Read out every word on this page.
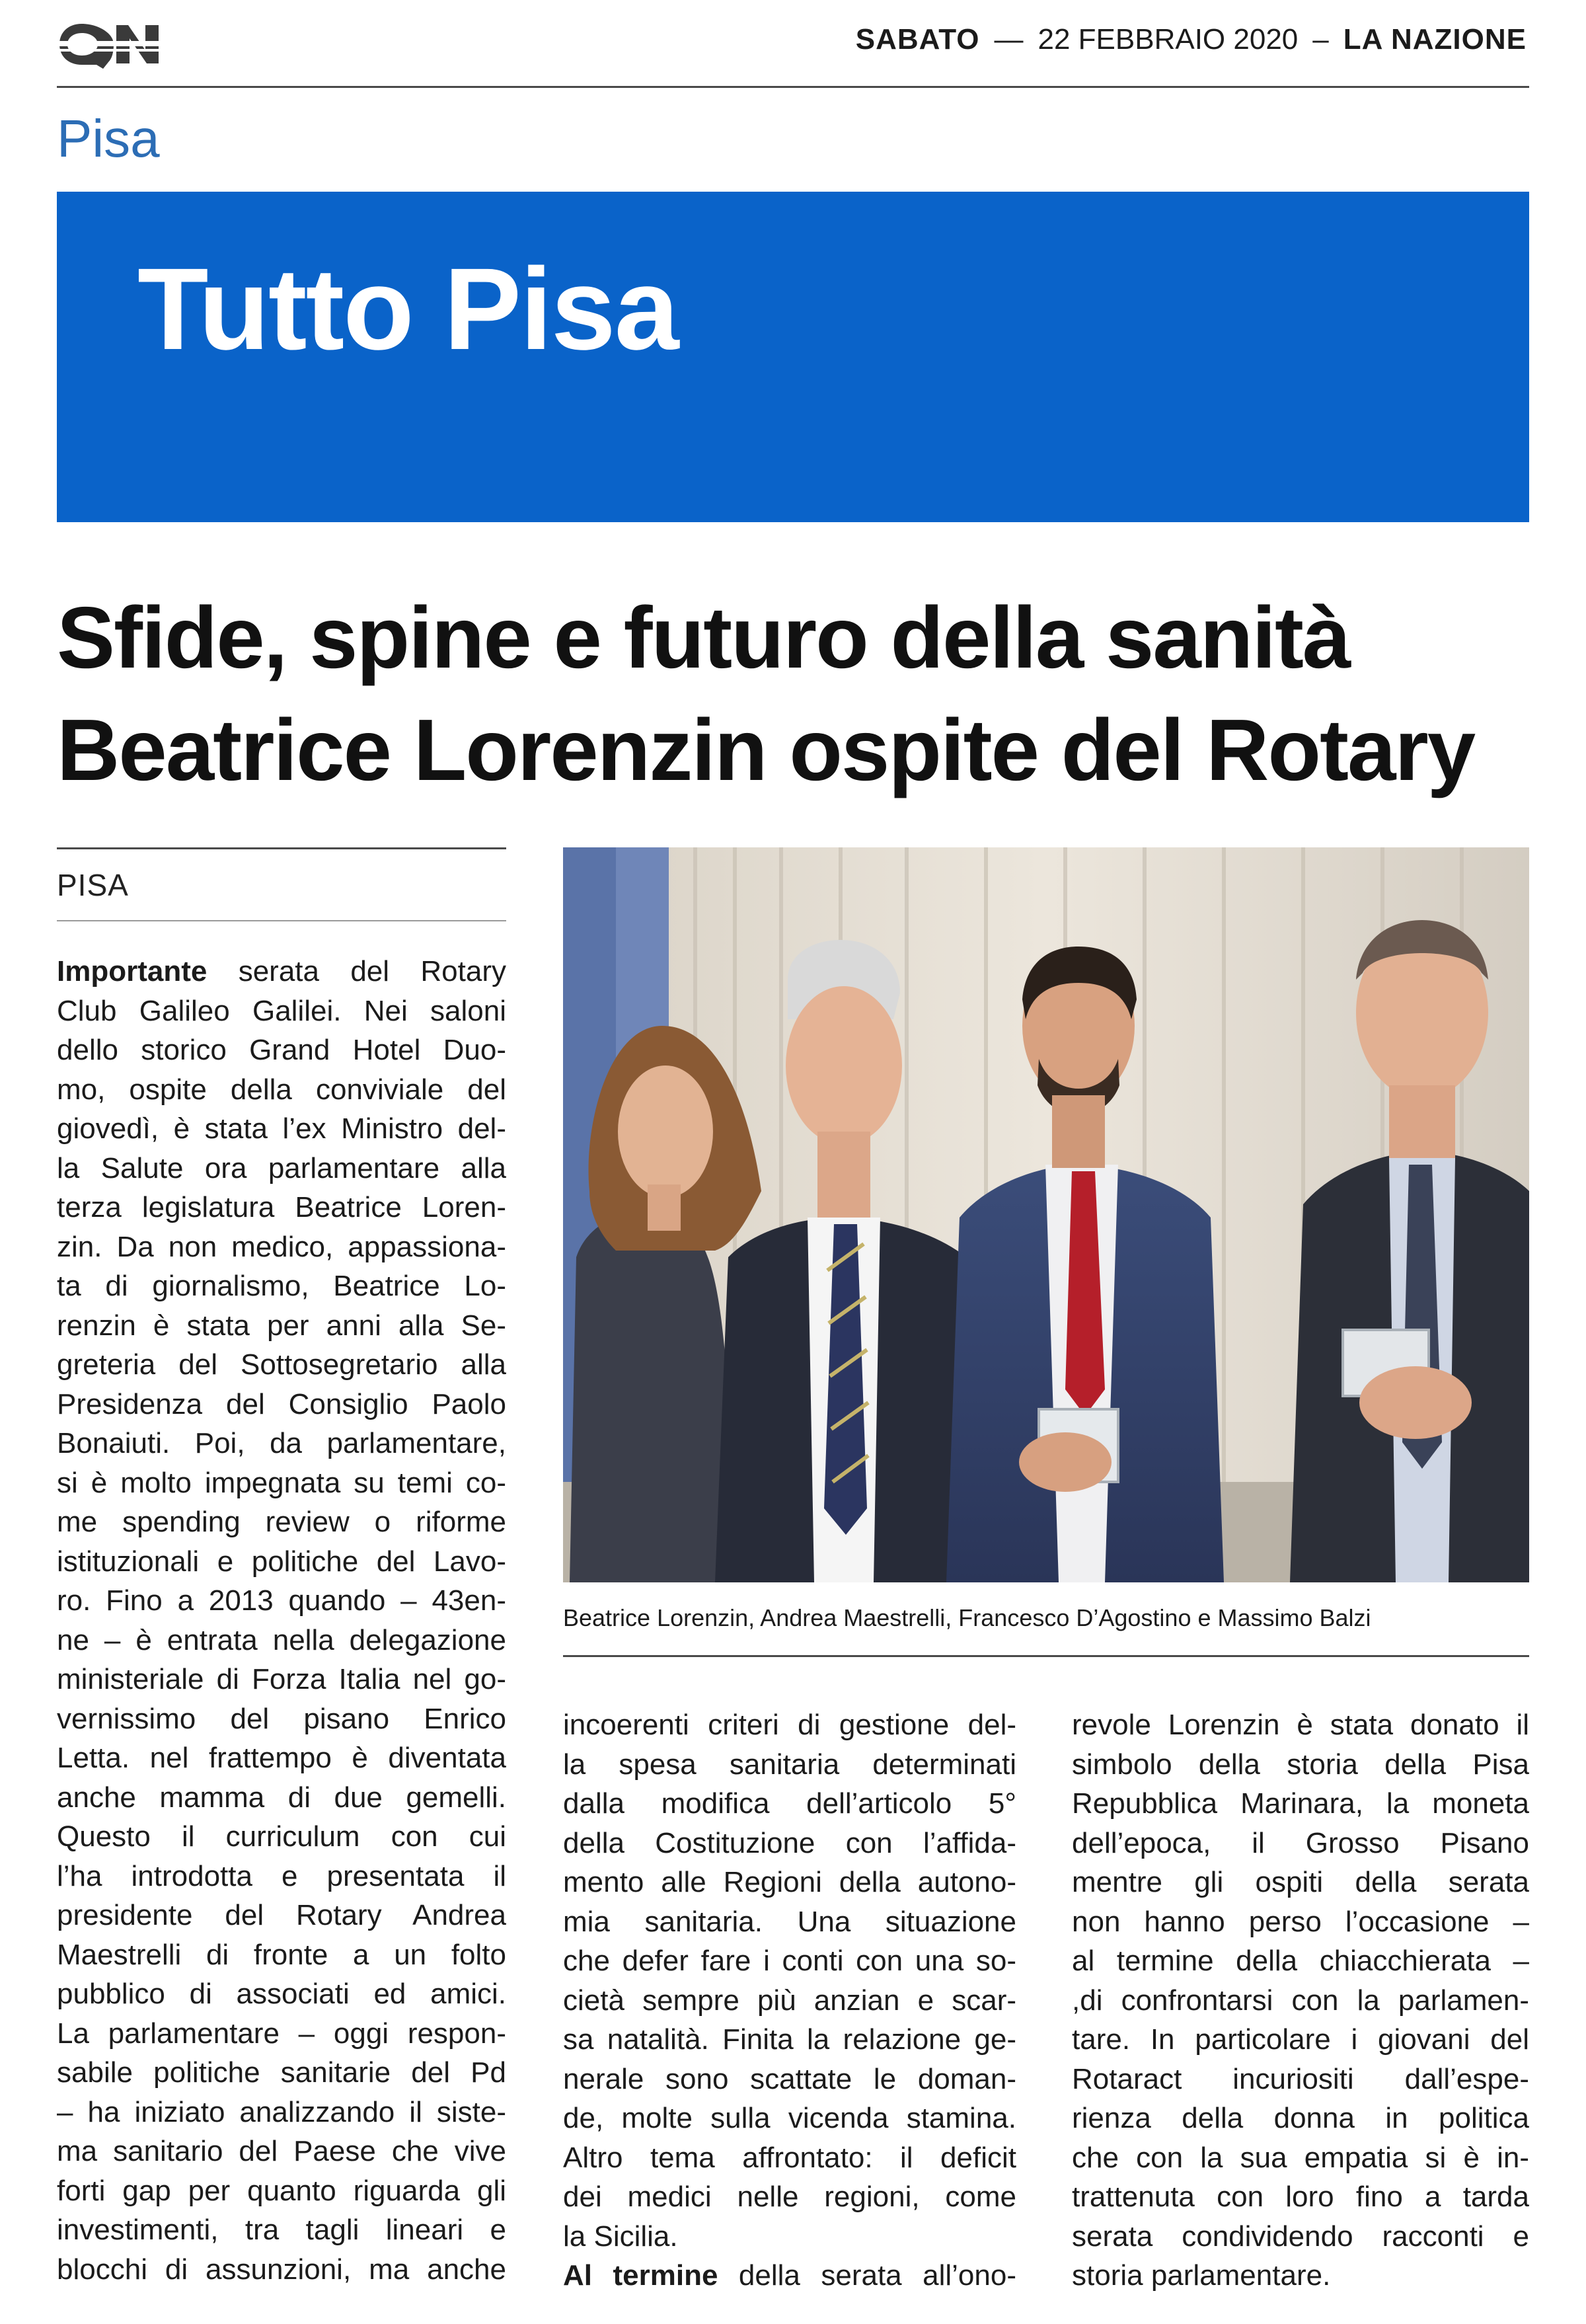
SABATO — 22 FEBBRAIO 2020 – LA NAZIONE
Pisa
Tutto Pisa
Sfide, spine e futuro della sanità
Beatrice Lorenzin ospite del Rotary
PISA
Importante serata del Rotary
Club Galileo Galilei. Nei saloni
dello storico Grand Hotel Duo-
mo, ospite della conviviale del
giovedì, è stata l’ex Ministro del-
la Salute ora parlamentare alla
terza legislatura Beatrice Loren-
zin. Da non medico, appassiona-
ta di giornalismo, Beatrice Lo-
renzin è stata per anni alla Se-
greteria del Sottosegretario alla
Presidenza del Consiglio Paolo
Bonaiuti. Poi, da parlamentare,
si è molto impegnata su temi co-
me spending review o riforme
istituzionali e politiche del Lavo-
ro. Fino a 2013 quando – 43en-
ne – è entrata nella delegazione
ministeriale di Forza Italia nel go-
vernissimo del pisano Enrico
Letta. nel frattempo è diventata
anche mamma di due gemelli.
Questo il curriculum con cui
l’ha introdotta e presentata il
presidente del Rotary Andrea
Maestrelli di fronte a un folto
pubblico di associati ed amici.
La parlamentare – oggi respon-
sabile politiche sanitarie del Pd
– ha iniziato analizzando il siste-
ma sanitario del Paese che vive
forti gap per quanto riguarda gli
investimenti, tra tagli lineari e
blocchi di assunzioni, ma anche
Beatrice Lorenzin, Andrea Maestrelli, Francesco D’Agostino e Massimo Balzi
incoerenti criteri di gestione del-
la spesa sanitaria determinati
dalla modifica dell’articolo 5°
della Costituzione con l’affida-
mento alle Regioni della autono-
mia sanitaria. Una situazione
che defer fare i conti con una so-
cietà sempre più anzian e scar-
sa natalità. Finita la relazione ge-
nerale sono scattate le doman-
de, molte sulla vicenda stamina.
Altro tema affrontato: il deficit
dei medici nelle regioni, come
la Sicilia.
Al termine della serata all’ono-
revole Lorenzin è stata donato il
simbolo della storia della Pisa
Repubblica Marinara, la moneta
dell’epoca, il Grosso Pisano
mentre gli ospiti della serata
non hanno perso l’occasione –
al termine della chiacchierata –
,di confrontarsi con la parlamen-
tare. In particolare i giovani del
Rotaract incuriositi dall’espe-
rienza della donna in politica
che con la sua empatia si è in-
trattenuta con loro fino a tarda
serata condividendo racconti e
storia parlamentare.
